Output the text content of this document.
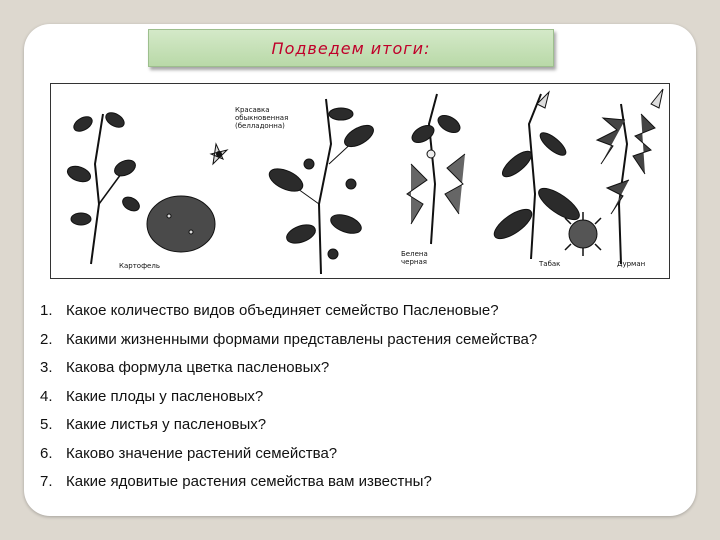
Подведем итоги:
Картофель
Красавка
обыкновенная
(белладонна)
Белена
черная	Табак	Дурман
1. Какое количество видов объединяет семейство Пасленовые?
2. Какими жизненными формами представлены растения семейства?
3. Какова формула цветка пасленовых?
4. Какие плоды у пасленовых?
5. Какие листья у пасленовых?
6. Каково значение растений семейства?
7. Какие ядовитые растения семейства вам известны?
